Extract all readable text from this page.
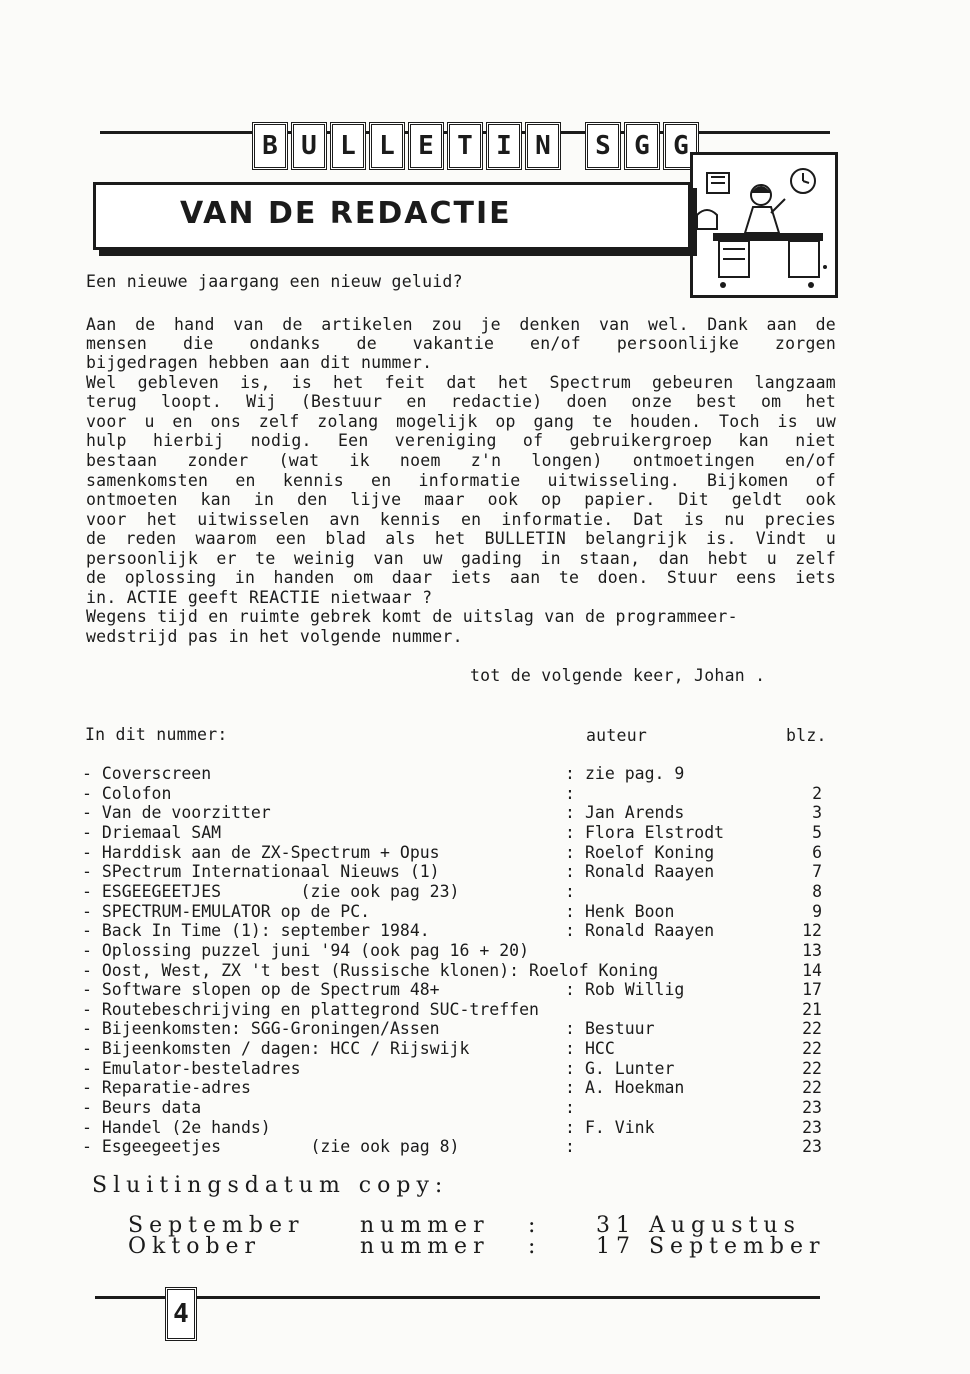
B U L L E T I N	S G G
VAN DE REDACTIE
Een nieuwe jaargang een nieuw geluid?
Aan de hand van de artikelen zou je denken van wel. Dank aan de
mensen die ondanks de vakantie en/of persoonlijke zorgen
bijgedragen hebben aan dit nummer.
Wel gebleven is, is het feit dat het Spectrum gebeuren langzaam
terug loopt. Wij (Bestuur en redactie) doen onze best om het
voor u en ons zelf zolang mogelijk op gang te houden. Toch is uw
hulp hierbij nodig. Een vereniging of gebruikergroep kan niet
bestaan zonder (wat ik noem z'n longen) ontmoetingen en/of
samenkomsten en kennis en informatie uitwisseling. Bijkomen of
ontmoeten kan in den lijve maar ook op papier. Dit geldt ook
voor het uitwisselen avn kennis en informatie. Dat is nu precies
de reden waarom een blad als het BULLETIN belangrijk is. Vindt u
persoonlijk er te weinig van uw gading in staan, dan hebt u zelf
de oplossing in handen om daar iets aan te doen. Stuur eens iets
in. ACTIE geeft REACTIE nietwaar ?
Wegens tijd en ruimte gebrek komt de uitslag van de programmeer-
wedstrijd pas in het volgende nummer.
tot de volgende keer, Johan .
In dit nummer:	auteur	blz.
- Coverscreen	: zie pag. 9
- Colofon	:	2
- Van de voorzitter	: Jan Arends	3
- Driemaal SAM	: Flora Elstrodt	5
- Harddisk aan de ZX-Spectrum + Opus	: Roelof Koning	6
- SPectrum Internationaal Nieuws (1)	: Ronald Raayen	7
- ESGEEGEETJES        (zie ook pag 23)	:	8
- SPECTRUM-EMULATOR op de PC.	: Henk Boon	9
- Back In Time (1): september 1984.	: Ronald Raayen	12
- Oplossing puzzel juni '94 (ook pag 16 + 20)	13
- Oost, West, ZX 't best (Russische klonen): Roelof Koning	14
- Software slopen op de Spectrum 48+	: Rob Willig	17
- Routebeschrijving en plattegrond SUC-treffen	21
- Bijeenkomsten: SGG-Groningen/Assen	: Bestuur	22
- Bijeenkomsten / dagen: HCC / Rijswijk	: HCC	22
- Emulator-besteladres	: G. Lunter	22
- Reparatie-adres	: A. Hoekman	22
- Beurs data	:	23
- Handel (2e hands)	: F. Vink	23
- Esgeegeetjes         (zie ook pag 8)	:	23
Sluitingsdatum copy:
September	nummer : 31 Augustus
Oktober	nummer : 17 September
4
